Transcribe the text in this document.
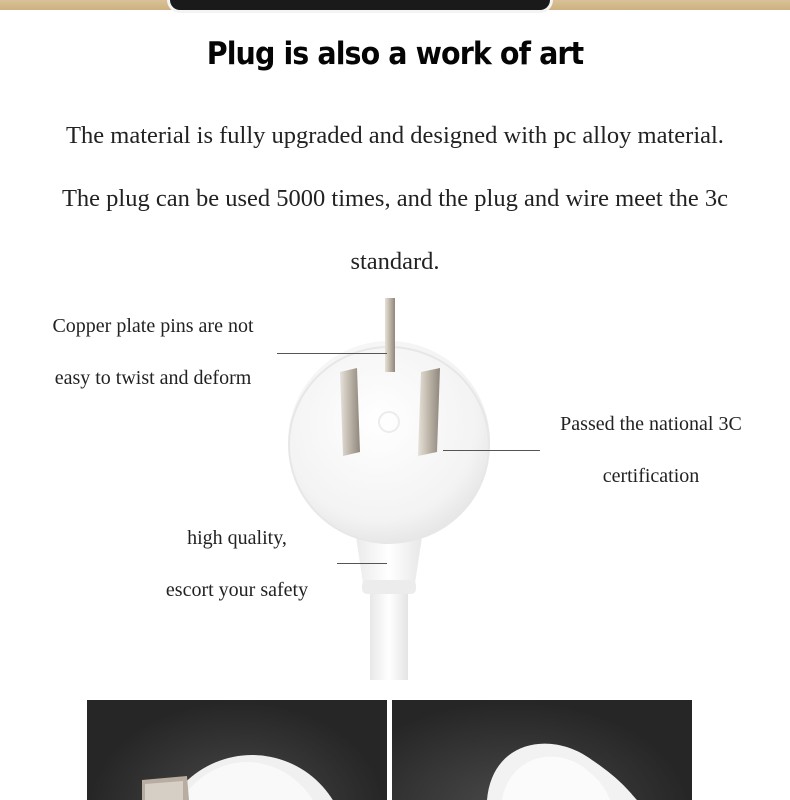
Plug is also a work of art

The material is fully upgraded and designed with pc alloy material.

The plug can be used 5000 times, and the plug and wire meet the 3c

standard.

Copper plate pins are not
easy to twist and deform
Passed the national 3C
certification
high quality,
escort your safety
